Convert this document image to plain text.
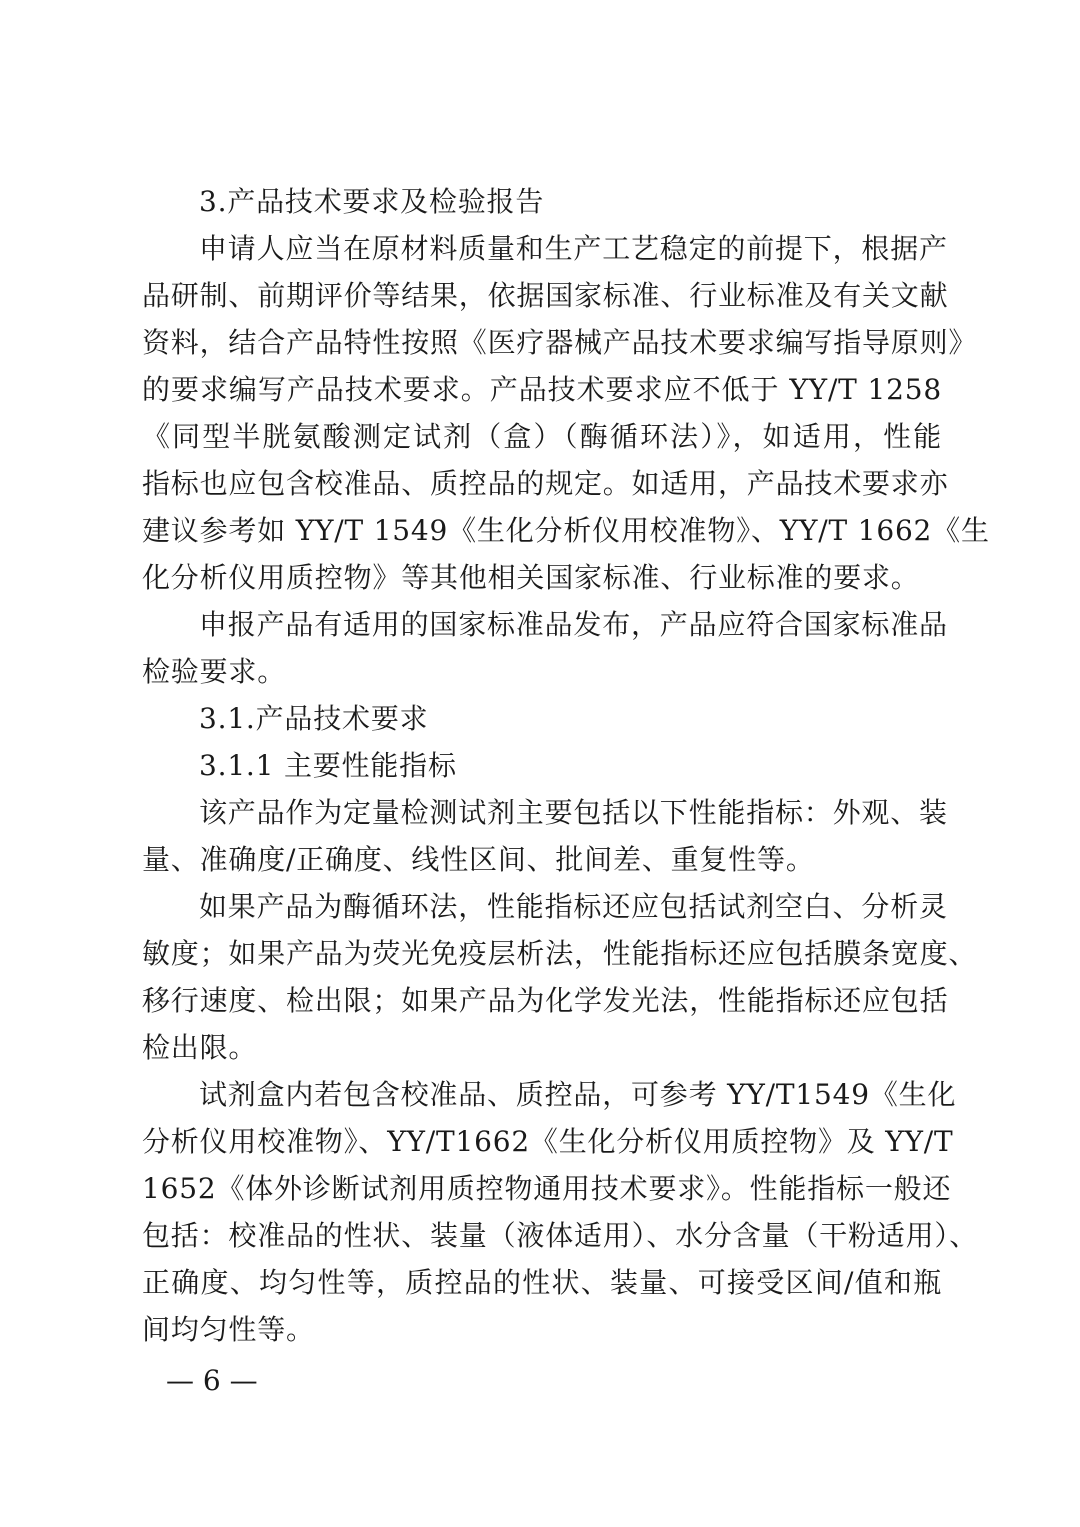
3.产品技术要求及检验报告
申请人应当在原材料质量和生产工艺稳定的前提下，根据产
品研制、前期评价等结果，依据国家标准、行业标准及有关文献
资料，结合产品特性按照《医疗器械产品技术要求编写指导原则》
的要求编写产品技术要求。产品技术要求应不低于 YY/T 1258
《同型半胱氨酸测定试剂（盒）（酶循环法）》，如适用，性能
指标也应包含校准品、质控品的规定。如适用，产品技术要求亦
建议参考如 YY/T 1549《生化分析仪用校准物》、YY/T 1662《生
化分析仪用质控物》等其他相关国家标准、行业标准的要求。
申报产品有适用的国家标准品发布，产品应符合国家标准品
检验要求。
3.1.产品技术要求
3.1.1 主要性能指标
该产品作为定量检测试剂主要包括以下性能指标：外观、装
量、准确度/正确度、线性区间、批间差、重复性等。
如果产品为酶循环法，性能指标还应包括试剂空白、分析灵
敏度；如果产品为荧光免疫层析法，性能指标还应包括膜条宽度、
移行速度、检出限；如果产品为化学发光法，性能指标还应包括
检出限。
试剂盒内若包含校准品、质控品，可参考 YY/T1549《生化
分析仪用校准物》、YY/T1662《生化分析仪用质控物》及 YY/T
1652《体外诊断试剂用质控物通用技术要求》。性能指标一般还
包括：校准品的性状、装量（液体适用）、水分含量（干粉适用）、
正确度、均匀性等，质控品的性状、装量、可接受区间/值和瓶
间均匀性等。
— 6 —
